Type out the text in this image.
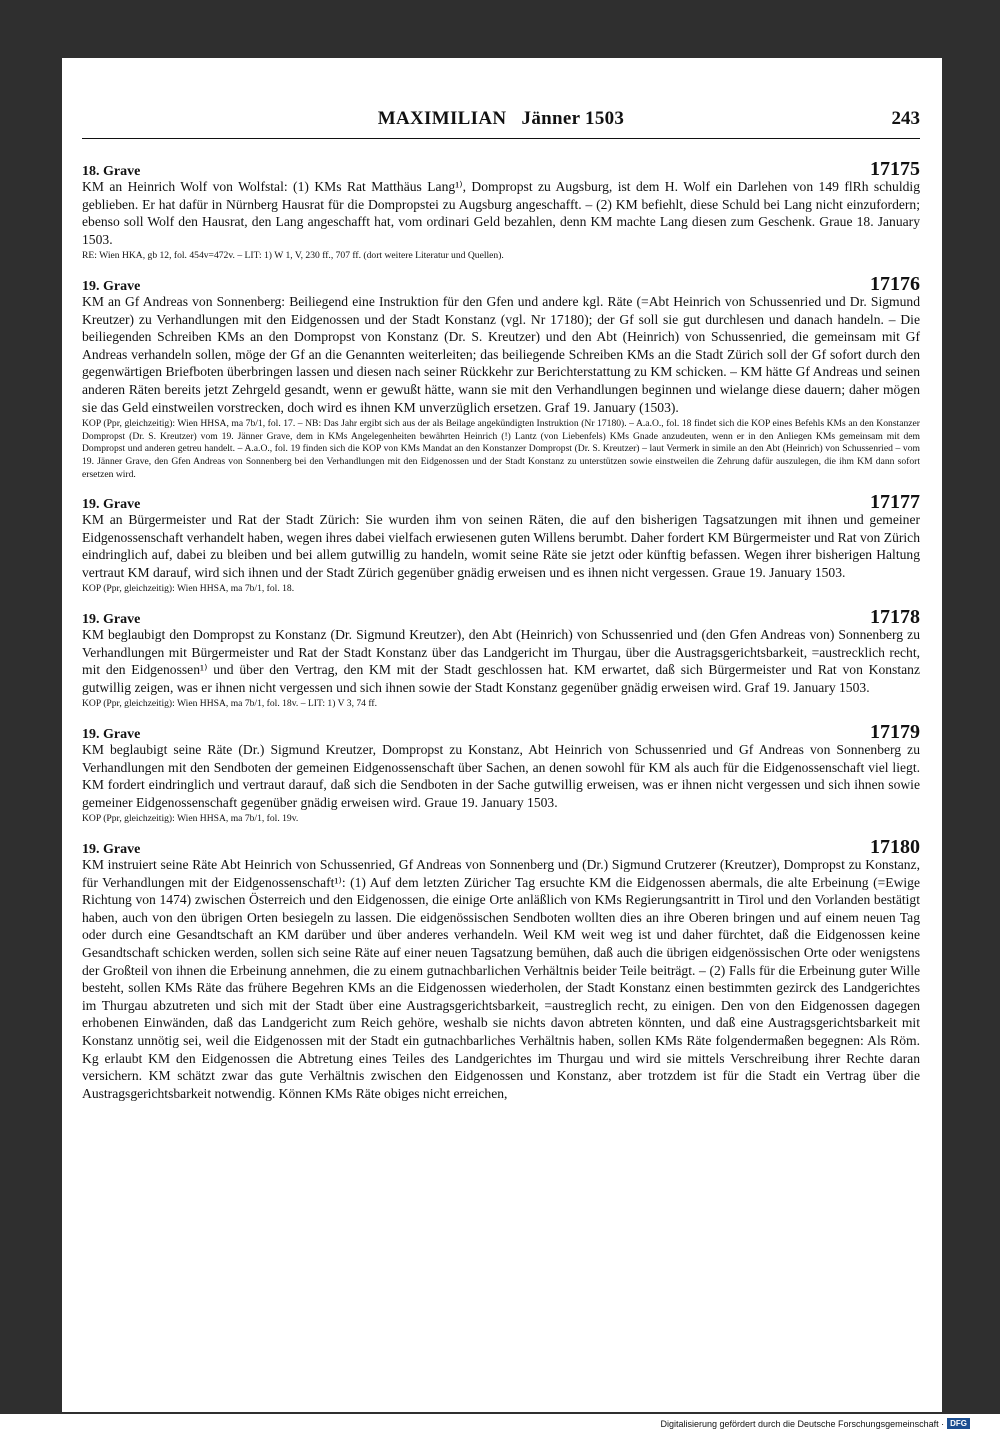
MAXIMILIAN   Jänner 1503	243
18. Grave	17175

KM an Heinrich Wolf von Wolfstal: (1) KMs Rat Matthäus Lang¹⁾, Dompropst zu Augsburg, ist dem H. Wolf ein Darlehen von 149 flRh schuldig geblieben. Er hat dafür in Nürnberg Hausrat für die Dompropstei zu Augsburg angeschafft. – (2) KM befiehlt, diese Schuld bei Lang nicht einzufordern; ebenso soll Wolf den Hausrat, den Lang angeschafft hat, vom ordinari Geld bezahlen, denn KM machte Lang diesen zum Geschenk. Graue 18. January 1503.

RE: Wien HKA, gb 12, fol. 454v=472v. – LIT: 1) W 1, V, 230 ff., 707 ff. (dort weitere Literatur und Quellen).

19. Grave	17176

KM an Gf Andreas von Sonnenberg: Beiliegend eine Instruktion für den Gfen und andere kgl. Räte (=Abt Heinrich von Schussenried und Dr. Sigmund Kreutzer) zu Verhandlungen mit den Eidgenossen und der Stadt Konstanz (vgl. Nr 17180); der Gf soll sie gut durchlesen und danach handeln. – Die beiliegenden Schreiben KMs an den Dompropst von Konstanz (Dr. S. Kreutzer) und den Abt (Heinrich) von Schussenried, die gemeinsam mit Gf Andreas verhandeln sollen, möge der Gf an die Genannten weiterleiten; das beiliegende Schreiben KMs an die Stadt Zürich soll der Gf sofort durch den gegenwärtigen Briefboten überbringen lassen und diesen nach seiner Rückkehr zur Berichterstattung zu KM schicken. – KM hätte Gf Andreas und seinen anderen Räten bereits jetzt Zehrgeld gesandt, wenn er gewußt hätte, wann sie mit den Verhandlungen beginnen und wielange diese dauern; daher mögen sie das Geld einstweilen vorstrecken, doch wird es ihnen KM unverzüglich ersetzen. Graf 19. January (1503).

KOP (Ppr, gleichzeitig): Wien HHSA, ma 7b/1, fol. 17. – NB: Das Jahr ergibt sich aus der als Beilage angekündigten Instruktion (Nr 17180). – A.a.O., fol. 18 findet sich die KOP eines Befehls KMs an den Konstanzer Dompropst (Dr. S. Kreutzer) vom 19. Jänner Grave, dem in KMs Angelegenheiten bewährten Heinrich (!) Lantz (von Liebenfels) KMs Gnade anzudeuten, wenn er in den Anliegen KMs gemeinsam mit dem Dompropst und anderen getreu handelt. – A.a.O., fol. 19 finden sich die KOP von KMs Mandat an den Konstanzer Dompropst (Dr. S. Kreutzer) – laut Vermerk in simile an den Abt (Heinrich) von Schussenried – vom 19. Jänner Grave, den Gfen Andreas von Sonnenberg bei den Verhandlungen mit den Eidgenossen und der Stadt Konstanz zu unterstützen sowie einstweilen die Zehrung dafür auszulegen, die ihm KM dann sofort ersetzen wird.

19. Grave	17177

KM an Bürgermeister und Rat der Stadt Zürich: Sie wurden ihm von seinen Räten, die auf den bisherigen Tagsatzungen mit ihnen und gemeiner Eidgenossenschaft verhandelt haben, wegen ihres dabei vielfach erwiesenen guten Willens berumbt. Daher fordert KM Bürgermeister und Rat von Zürich eindringlich auf, dabei zu bleiben und bei allem gutwillig zu handeln, womit seine Räte sie jetzt oder künftig befassen. Wegen ihrer bisherigen Haltung vertraut KM darauf, wird sich ihnen und der Stadt Zürich gegenüber gnädig erweisen und es ihnen nicht vergessen. Graue 19. January 1503.

KOP (Ppr, gleichzeitig): Wien HHSA, ma 7b/1, fol. 18.

19. Grave	17178

KM beglaubigt den Dompropst zu Konstanz (Dr. Sigmund Kreutzer), den Abt (Heinrich) von Schussenried und (den Gfen Andreas von) Sonnenberg zu Verhandlungen mit Bürgermeister und Rat der Stadt Konstanz über das Landgericht im Thurgau, über die Austragsgerichtsbarkeit, =austrecklich recht, mit den Eidgenossen¹⁾ und über den Vertrag, den KM mit der Stadt geschlossen hat. KM erwartet, daß sich Bürgermeister und Rat von Konstanz gutwillig zeigen, was er ihnen nicht vergessen und sich ihnen sowie der Stadt Konstanz gegenüber gnädig erweisen wird. Graf 19. January 1503.

KOP (Ppr, gleichzeitig): Wien HHSA, ma 7b/1, fol. 18v. – LIT: 1) V 3, 74 ff.

19. Grave	17179

KM beglaubigt seine Räte (Dr.) Sigmund Kreutzer, Dompropst zu Konstanz, Abt Heinrich von Schussenried und Gf Andreas von Sonnenberg zu Verhandlungen mit den Sendboten der gemeinen Eidgenossenschaft über Sachen, an denen sowohl für KM als auch für die Eidgenossenschaft viel liegt. KM fordert eindringlich und vertraut darauf, daß sich die Sendboten in der Sache gutwillig erweisen, was er ihnen nicht vergessen und sich ihnen sowie gemeiner Eidgenossenschaft gegenüber gnädig erweisen wird. Graue 19. January 1503.

KOP (Ppr, gleichzeitig): Wien HHSA, ma 7b/1, fol. 19v.

19. Grave	17180

KM instruiert seine Räte Abt Heinrich von Schussenried, Gf Andreas von Sonnenberg und (Dr.) Sigmund Crutzerer (Kreutzer), Dompropst zu Konstanz, für Verhandlungen mit der Eidgenossenschaft¹⁾: (1) Auf dem letzten Züricher Tag ersuchte KM die Eidgenossen abermals, die alte Erbeinung (=Ewige Richtung von 1474) zwischen Österreich und den Eidgenossen, die einige Orte anläßlich von KMs Regierungsantritt in Tirol und den Vorlanden bestätigt haben, auch von den übrigen Orten besiegeln zu lassen. Die eidgenössischen Sendboten wollten dies an ihre Oberen bringen und auf einem neuen Tag oder durch eine Gesandtschaft an KM darüber und über anderes verhandeln. Weil KM weit weg ist und daher fürchtet, daß die Eidgenossen keine Gesandtschaft schicken werden, sollen sich seine Räte auf einer neuen Tagsatzung bemühen, daß auch die übrigen eidgenössischen Orte oder wenigstens der Großteil von ihnen die Erbeinung annehmen, die zu einem gutnachbarlichen Verhältnis beider Teile beiträgt. – (2) Falls für die Erbeinung guter Wille besteht, sollen KMs Räte das frühere Begehren KMs an die Eidgenossen wiederholen, der Stadt Konstanz einen bestimmten gezirck des Landgerichtes im Thurgau abzutreten und sich mit der Stadt über eine Austragsgerichtsbarkeit, =austreglich recht, zu einigen. Den von den Eidgenossen dagegen erhobenen Einwänden, daß das Landgericht zum Reich gehöre, weshalb sie nichts davon abtreten könnten, und daß eine Austragsgerichtsbarkeit mit Konstanz unnötig sei, weil die Eidgenossen mit der Stadt ein gutnachbarliches Verhältnis haben, sollen KMs Räte folgendermaßen begegnen: Als Röm. Kg erlaubt KM den Eidgenossen die Abtretung eines Teiles des Landgerichtes im Thurgau und wird sie mittels Verschreibung ihrer Rechte daran versichern. KM schätzt zwar das gute Verhältnis zwischen den Eidgenossen und Konstanz, aber trotzdem ist für die Stadt ein Vertrag über die Austragsgerichtsbarkeit notwendig. Können KMs Räte obiges nicht erreichen,

Digitalisierung gefördert durch die Deutsche Forschungsgemeinschaft · DFG
